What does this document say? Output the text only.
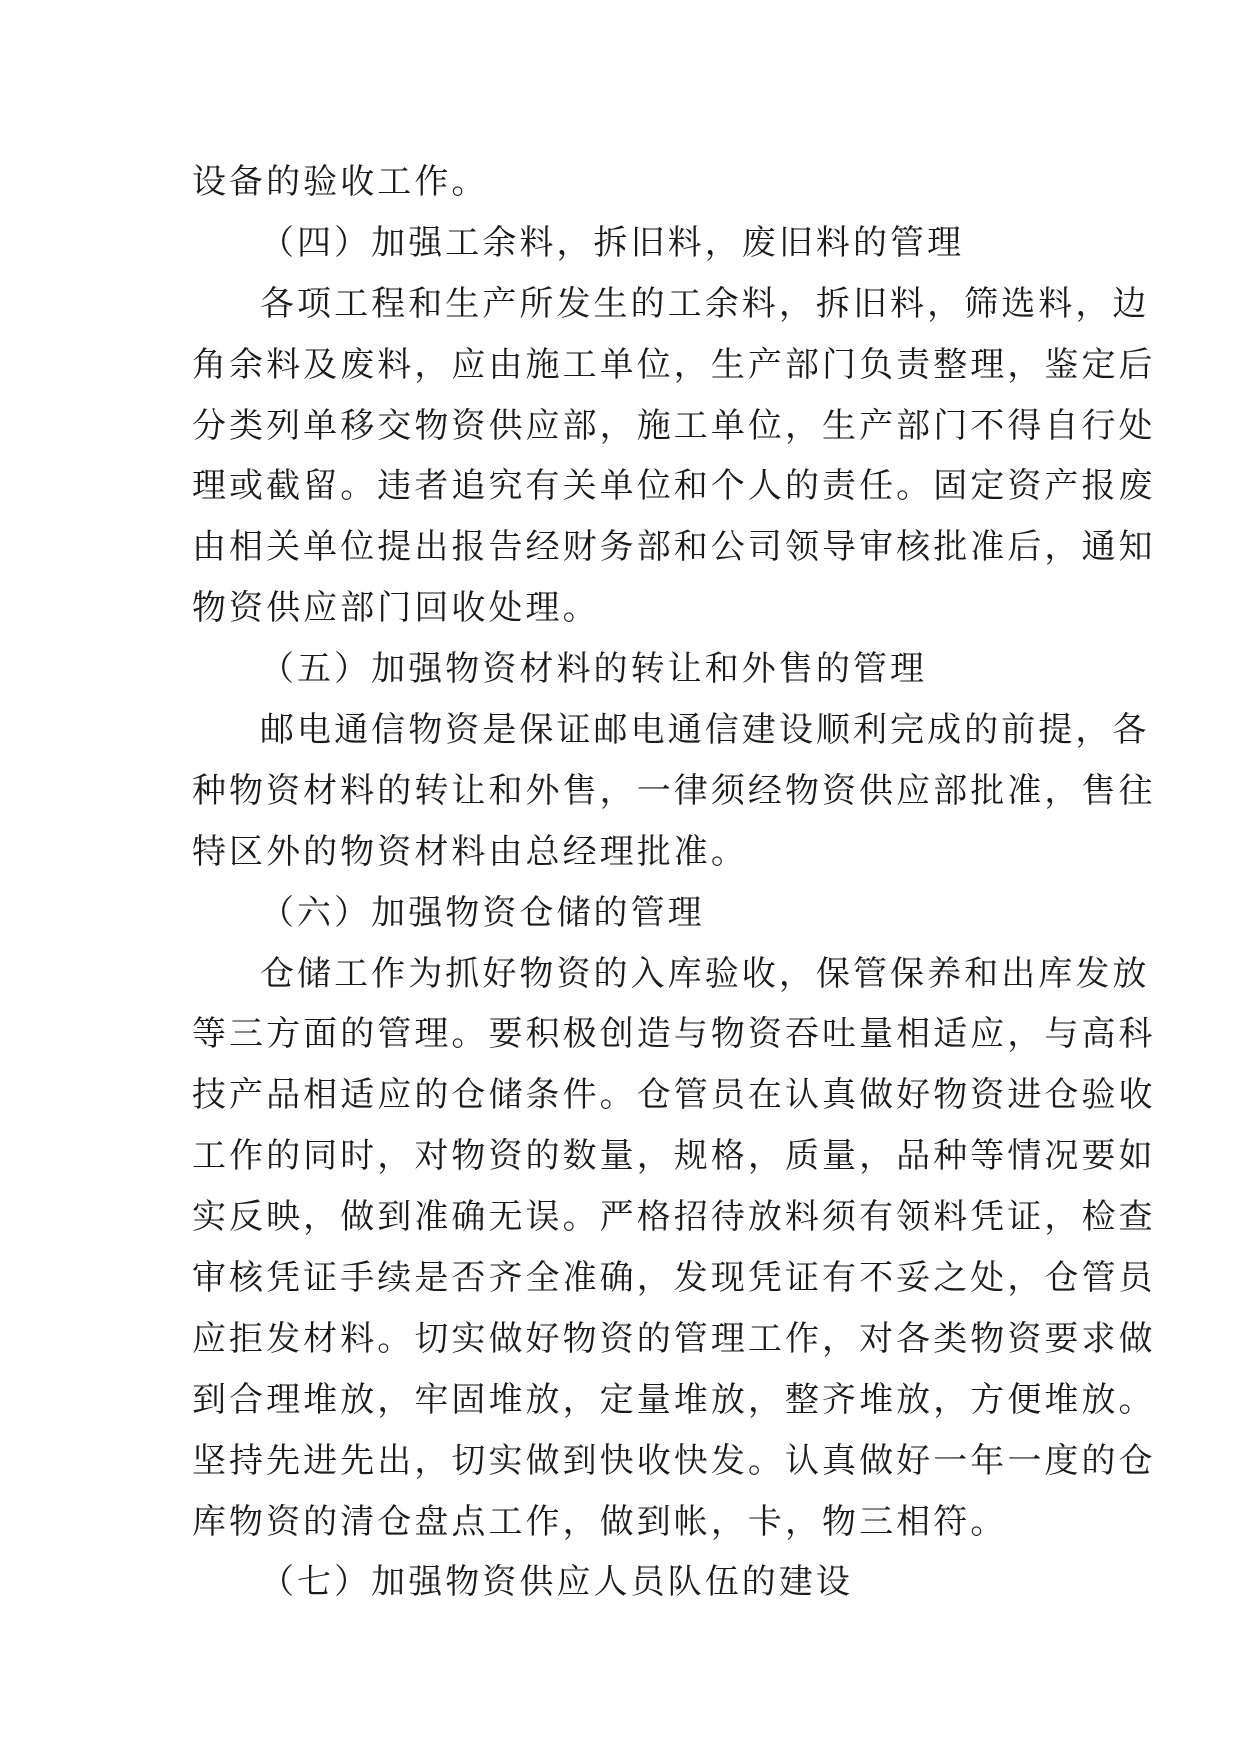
设备的验收工作。
（四）加强工余料，拆旧料，废旧料的管理
各项工程和生产所发生的工余料，拆旧料，筛选料，边
角余料及废料，应由施工单位，生产部门负责整理，鉴定后
分类列单移交物资供应部，施工单位，生产部门不得自行处
理或截留。违者追究有关单位和个人的责任。固定资产报废
由相关单位提出报告经财务部和公司领导审核批准后，通知
物资供应部门回收处理。
（五）加强物资材料的转让和外售的管理
邮电通信物资是保证邮电通信建设顺利完成的前提，各
种物资材料的转让和外售，一律须经物资供应部批准，售往
特区外的物资材料由总经理批准。
（六）加强物资仓储的管理
仓储工作为抓好物资的入库验收，保管保养和出库发放
等三方面的管理。要积极创造与物资吞吐量相适应，与高科
技产品相适应的仓储条件。仓管员在认真做好物资进仓验收
工作的同时，对物资的数量，规格，质量，品种等情况要如
实反映，做到准确无误。严格招待放料须有领料凭证，检查
审核凭证手续是否齐全准确，发现凭证有不妥之处，仓管员
应拒发材料。切实做好物资的管理工作，对各类物资要求做
到合理堆放，牢固堆放，定量堆放，整齐堆放，方便堆放。
坚持先进先出，切实做到快收快发。认真做好一年一度的仓
库物资的清仓盘点工作，做到帐，卡，物三相符。
（七）加强物资供应人员队伍的建设
